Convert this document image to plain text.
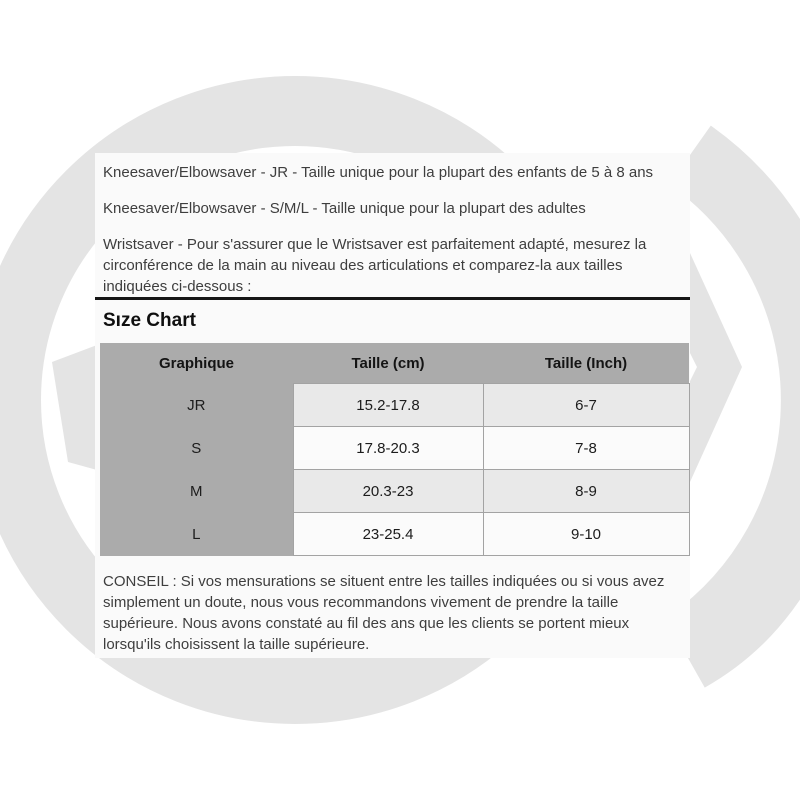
Kneesaver/Elbowsaver - JR - Taille unique pour la plupart des enfants de 5 à 8 ans

Kneesaver/Elbowsaver - S/M/L - Taille unique pour la plupart des adultes

Wristsaver - Pour s'assurer que le Wristsaver est parfaitement adapté, mesurez la circonférence de la main au niveau des articulations et comparez-la aux tailles indiquées ci-dessous :

Sıze Chart
Graphique	Taille (cm)	Taille (Inch)
JR	15.2-17.8	6-7
S	17.8-20.3	7-8
M	20.3-23	8-9
L	23-25.4	9-10

CONSEIL : Si vos mensurations se situent entre les tailles indiquées ou si vous avez simplement un doute, nous vous recommandons vivement de prendre la taille supérieure. Nous avons constaté au fil des ans que les clients se portent mieux lorsqu'ils choisissent la taille supérieure.
